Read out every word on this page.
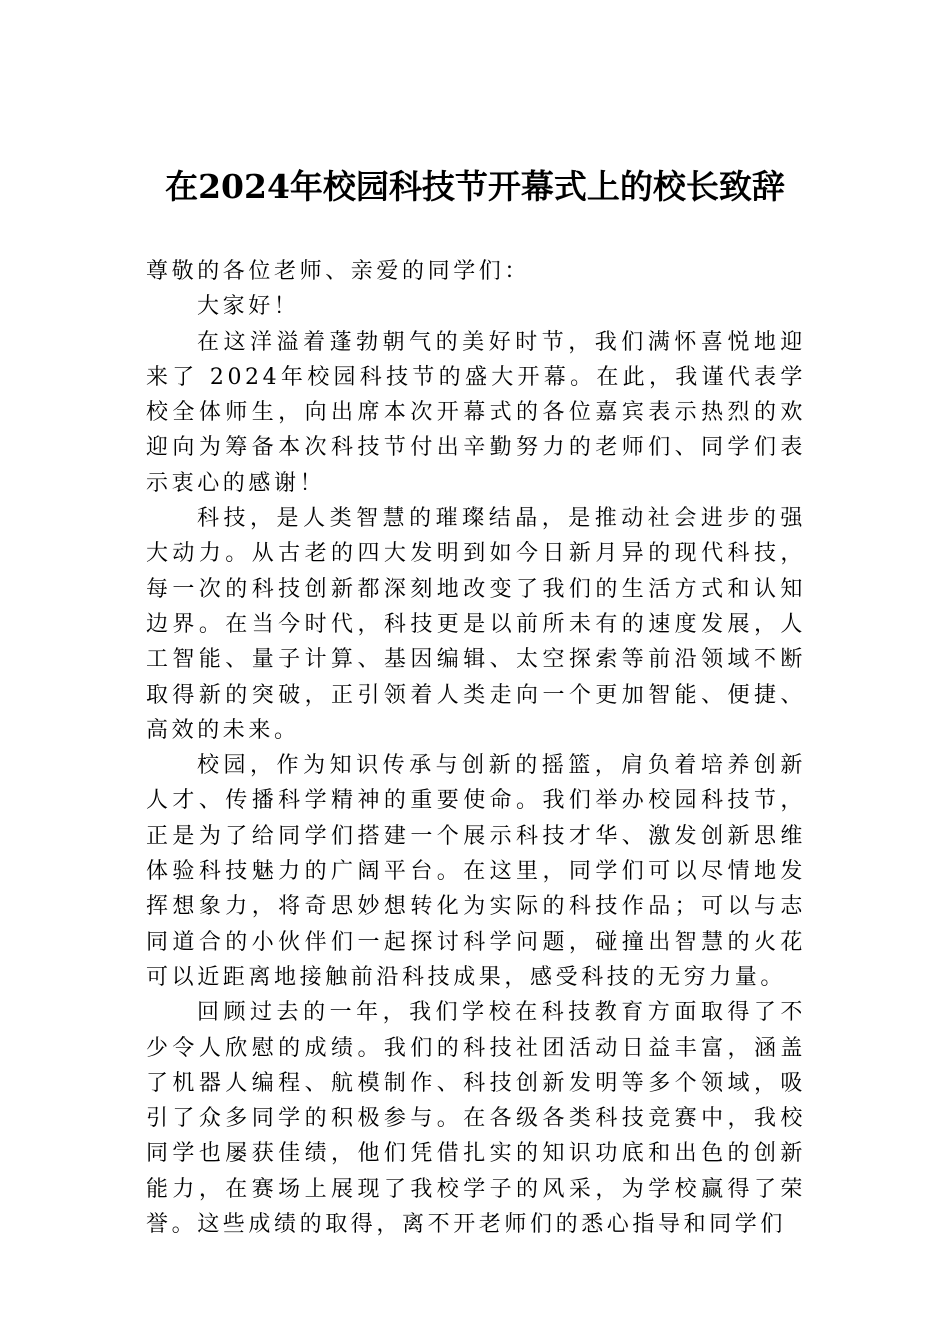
在2024年校园科技节开幕式上的校长致辞

尊敬的各位老师、亲爱的同学们：

大家好！

在这洋溢着蓬勃朝气的美好时节，我们满怀喜悦地迎来了 2024年校园科技节的盛大开幕。在此，我谨代表学校全体师生，向出席本次开幕式的各位嘉宾表示热烈的欢迎向为筹备本次科技节付出辛勤努力的老师们、同学们表示衷心的感谢！

科技，是人类智慧的璀璨结晶，是推动社会进步的强大动力。从古老的四大发明到如今日新月异的现代科技，每一次的科技创新都深刻地改变了我们的生活方式和认知边界。在当今时代，科技更是以前所未有的速度发展，人工智能、量子计算、基因编辑、太空探索等前沿领域不断取得新的突破，正引领着人类走向一个更加智能、便捷、高效的未来。

校园，作为知识传承与创新的摇篮，肩负着培养创新人才、传播科学精神的重要使命。我们举办校园科技节，正是为了给同学们搭建一个展示科技才华、激发创新思维体验科技魅力的广阔平台。在这里，同学们可以尽情地发挥想象力，将奇思妙想转化为实际的科技作品；可以与志同道合的小伙伴们一起探讨科学问题，碰撞出智慧的火花可以近距离地接触前沿科技成果，感受科技的无穷力量。

回顾过去的一年，我们学校在科技教育方面取得了不少令人欣慰的成绩。我们的科技社团活动日益丰富，涵盖了机器人编程、航模制作、科技创新发明等多个领域，吸引了众多同学的积极参与。在各级各类科技竞赛中，我校同学也屡获佳绩，他们凭借扎实的知识功底和出色的创新能力，在赛场上展现了我校学子的风采，为学校赢得了荣誉。这些成绩的取得，离不开老师们的悉心指导和同学们
